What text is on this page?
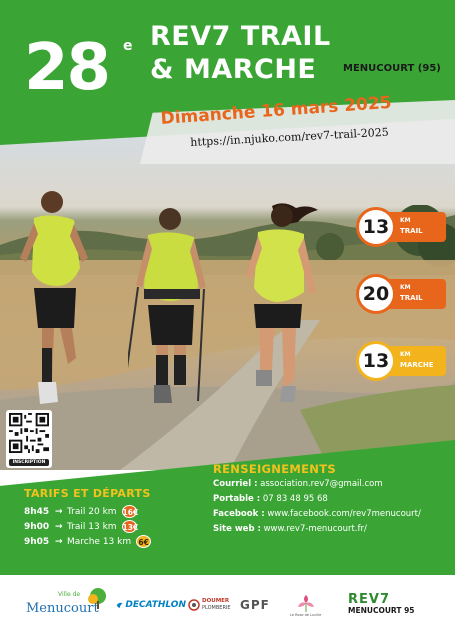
28 e REV7 TRAIL
& MARCHE	MENUCOURT (95)
Dimanche 16 mars 2025
https://in.njuko.com/rev7-trail-2025
KM
TRAIL
13
KM
TRAIL
20
KM
MARCHE
13
INSCRIPTION
TARIFS ET DÉPARTS
8h45 → Trail 20 km 16€
9h00 → Trail 13 km 13€
9h05 → Marche 13 km 6€
RENSEIGNEMENTS
Courriel : association.rev7@gmail.com
Portable : 07 83 48 95 68
Facebook : www.facebook.com/rev7menucourt/
Site web : www.rev7-menucourt.fr/
Ville de
Menucourt	DECATHLON	DOUMER
PLOMBERIE GPF
Le Rose de Lucille
REV7
MENUCOURT 95
